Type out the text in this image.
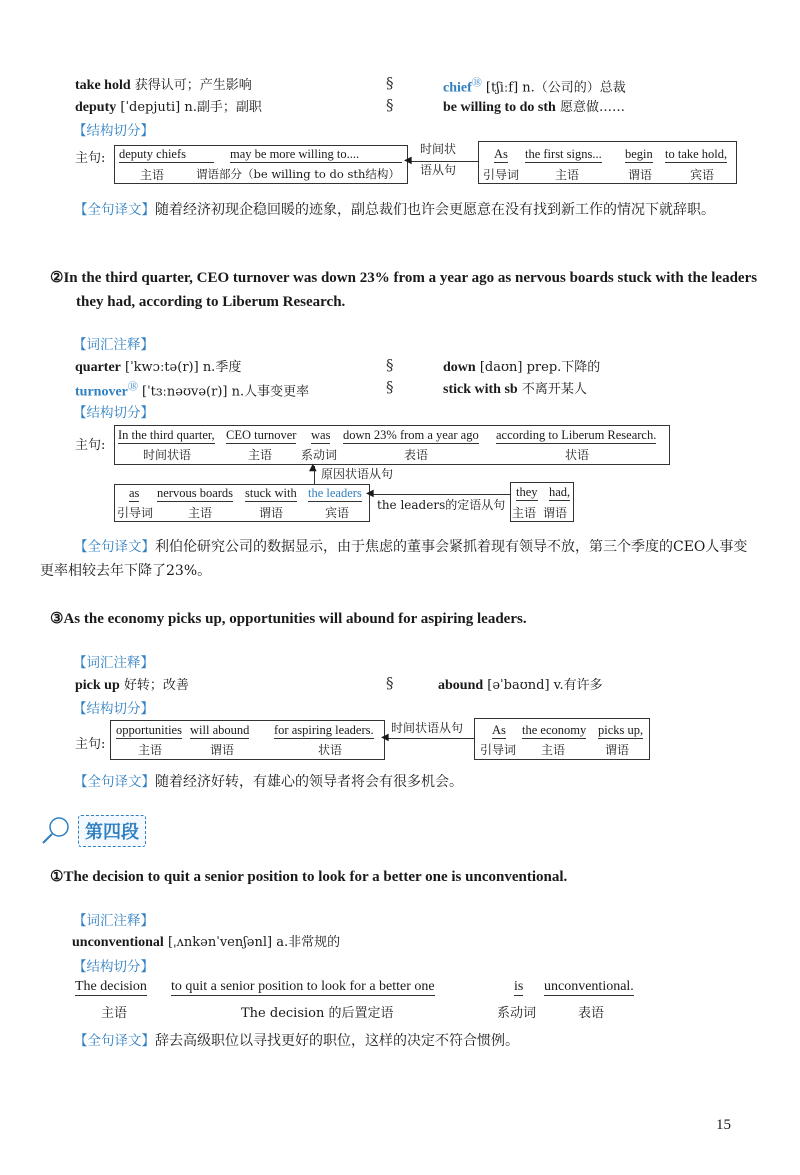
take hold 获得认可；产生影响
deputy [ˈdepjuti] n.副手；副职
§
§
chief⑱ [tʃiːf] n.（公司的）总裁
be willing to do sth 愿意做……
【结构切分】
主句: deputy chiefs
主语
may be more willing to....
谓语部分（be willing to do sth结构）
◀
时间状
语从句
As
引导词
the first signs...
主语
begin
谓语
to take hold,
宾语
【全句译文】随着经济初现企稳回暖的迹象，副总裁们也许会更愿意在没有找到新工作的情况下就辞职。
②In the third quarter, CEO turnover was down 23% from a year ago as nervous boards stuck with the leaders they had, according to Liberum Research.
【词汇注释】
quarter [ˈkwɔːtə(r)] n.季度
turnover⑱ [ˈtɜːnəʊvə(r)] n.人事变更率
§
§
down [daʊn] prep.下降的
stick with sb 不离开某人
【结构切分】
主句:
In the third quarter,
时间状语
CEO turnover
主语
was
系动词
down 23% from a year ago
表语
according to Liberum Research.
状语
▲ 原因状语从句
as
引导词
nervous boards
主语
stuck with
谓语
the leaders
宾语
◀
the leaders的定语从句
they
主语
had,
谓语
【全句译文】利伯伦研究公司的数据显示，由于焦虑的董事会紧抓着现有领导不放，第三个季度的CEO人事变更率相较去年下降了23%。
③As the economy picks up, opportunities will abound for aspiring leaders.
【词汇注释】
pick up 好转；改善	§	abound [əˈbaʊnd] v.有许多
【结构切分】
主句:
opportunities
主语
will abound
谓语
for aspiring leaders.
状语
◀
时间状语从句 As
引导词
the economy
主语
picks up,
谓语
【全句译文】随着经济好转，有雄心的领导者将会有很多机会。
第四段
①The decision to quit a senior position to look for a better one is unconventional.
【词汇注释】
unconventional [ˌʌnkənˈvenʃənl] a.非常规的
【结构切分】
The decision
主语
to quit a senior position to look for a better one
The decision 的后置定语
is
系动词
unconventional.
表语
【全句译文】辞去高级职位以寻找更好的职位，这样的决定不符合惯例。
15
